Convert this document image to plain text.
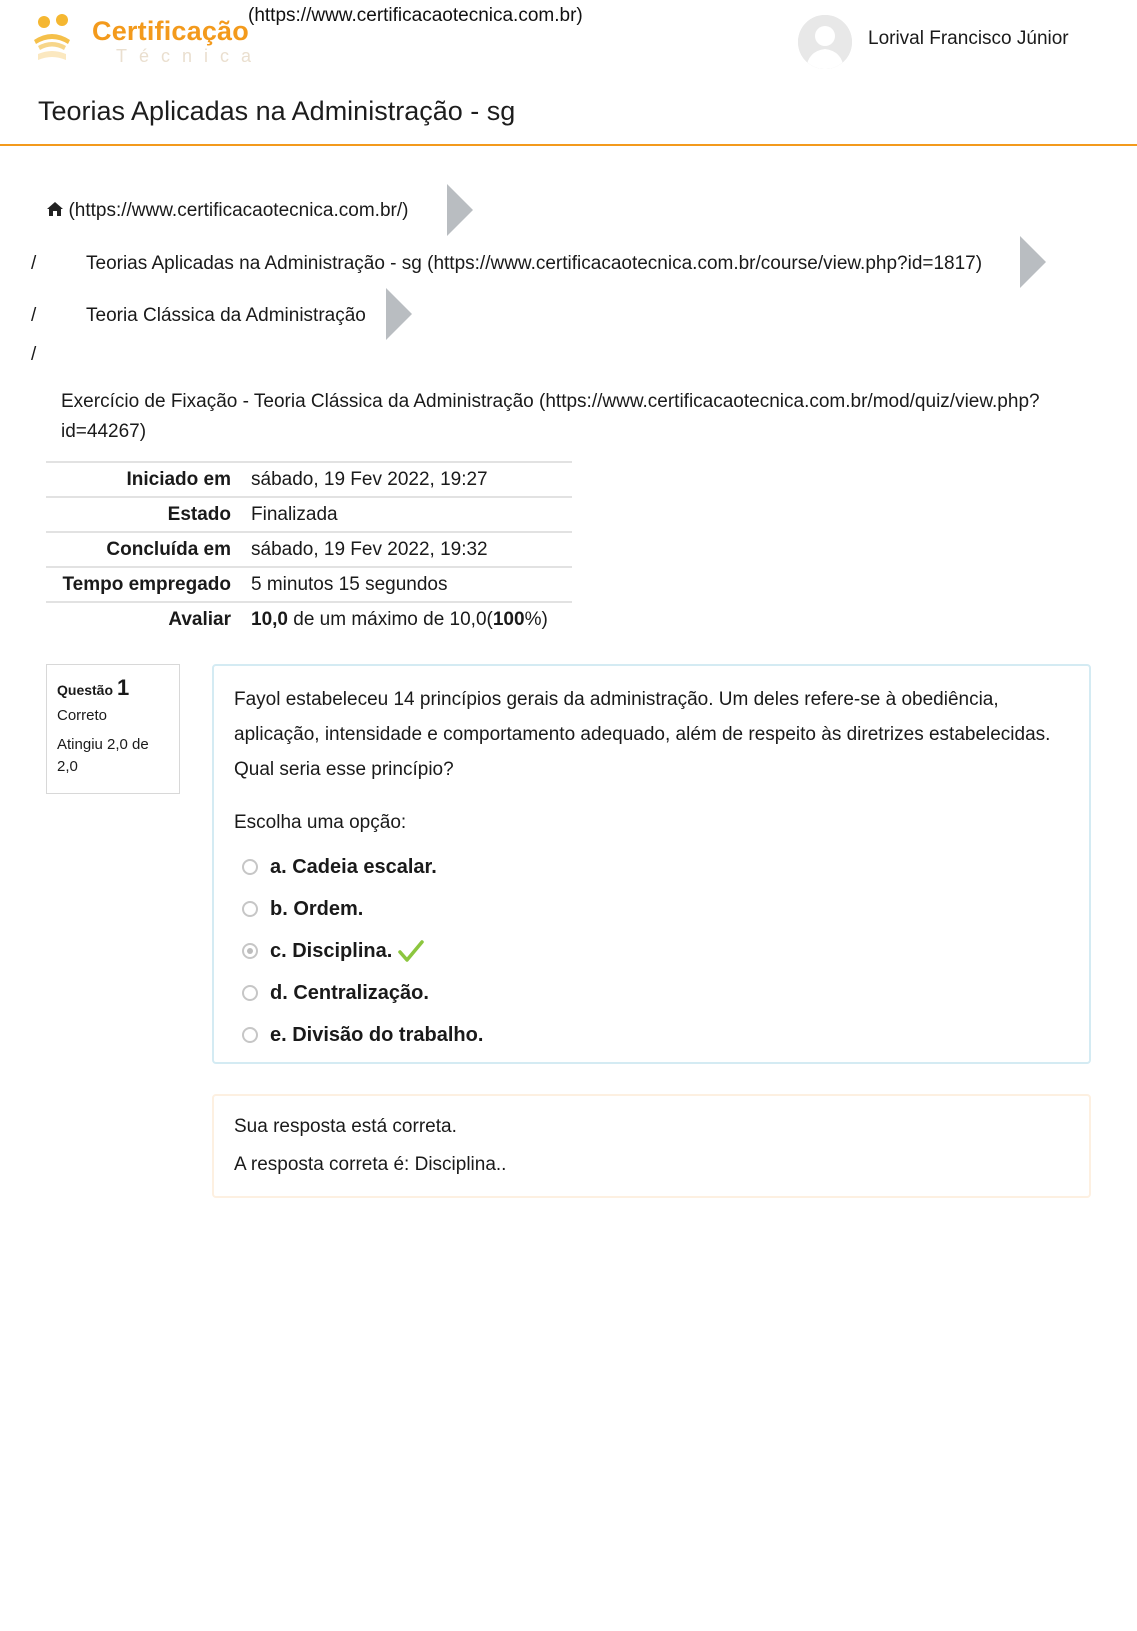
Certificação
Técnica
(https://www.certificacaotecnica.com.br)
Lorival Francisco Júnior
Teorias Aplicadas na Administração - sg
(https://www.certificacaotecnica.com.br/)
/	Teorias Aplicadas na Administração - sg (https://www.certificacaotecnica.com.br/course/view.php?id=1817)
/	Teoria Clássica da Administração
/
Exercício de Fixação - Teoria Clássica da Administração (https://www.certificacaotecnica.com.br/mod/quiz/view.php?id=44267)
Iniciado em sábado, 19 Fev 2022, 19:27
Estado Finalizada
Concluída em sábado, 19 Fev 2022, 19:32
Tempo empregado 5 minutos 15 segundos
Avaliar 10,0 de um máximo de 10,0(100%)
Questão 1
Correto
Atingiu 2,0 de 2,0
Fayol estabeleceu 14 princípios gerais da administração. Um deles refere-se à obediência, aplicação, intensidade e comportamento adequado, além de respeito às diretrizes estabelecidas. Qual seria esse princípio?
Escolha uma opção:
a. Cadeia escalar.
b. Ordem.
c. Disciplina.
d. Centralização.
e. Divisão do trabalho.
Sua resposta está correta.
A resposta correta é: Disciplina..
